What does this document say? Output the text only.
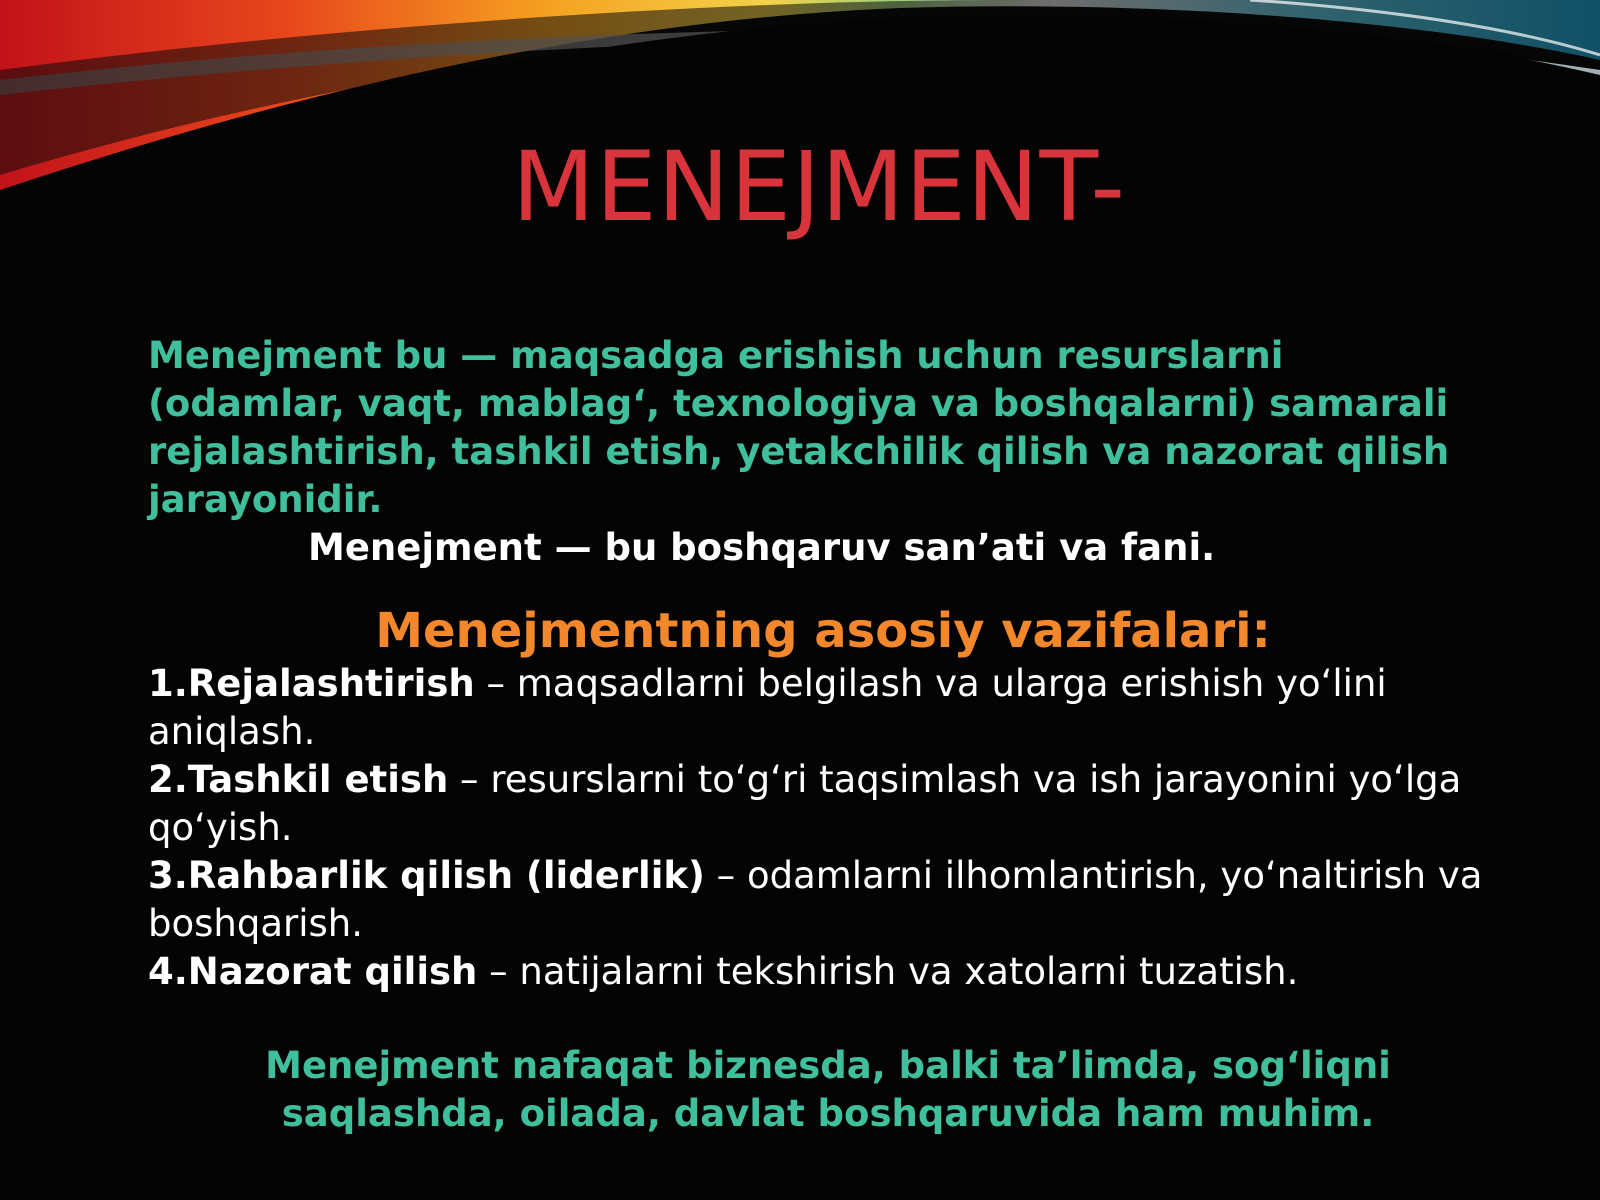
MENEJMENT-

Menejment bu — maqsadga erishish uchun resurslarni (odamlar, vaqt, mablag‘, texnologiya va boshqalarni) samarali rejalashtirish, tashkil etish, yetakchilik qilish va nazorat qilish jarayonidir.

Menejment — bu boshqaruv san’ati va fani.

Menejmentning asosiy vazifalari:

1.Rejalashtirish – maqsadlarni belgilash va ularga erishish yo‘lini aniqlash.
2.Tashkil etish – resurslarni to‘g‘ri taqsimlash va ish jarayonini yo‘lga qo‘yish.
3.Rahbarlik qilish (liderlik) – odamlarni ilhomlantirish, yo‘naltirish va boshqarish.
4.Nazorat qilish – natijalarni tekshirish va xatolarni tuzatish.

Menejment nafaqat biznesda, balki ta’limda, sog‘liqni saqlashda, oilada, davlat boshqaruvida ham muhim.
